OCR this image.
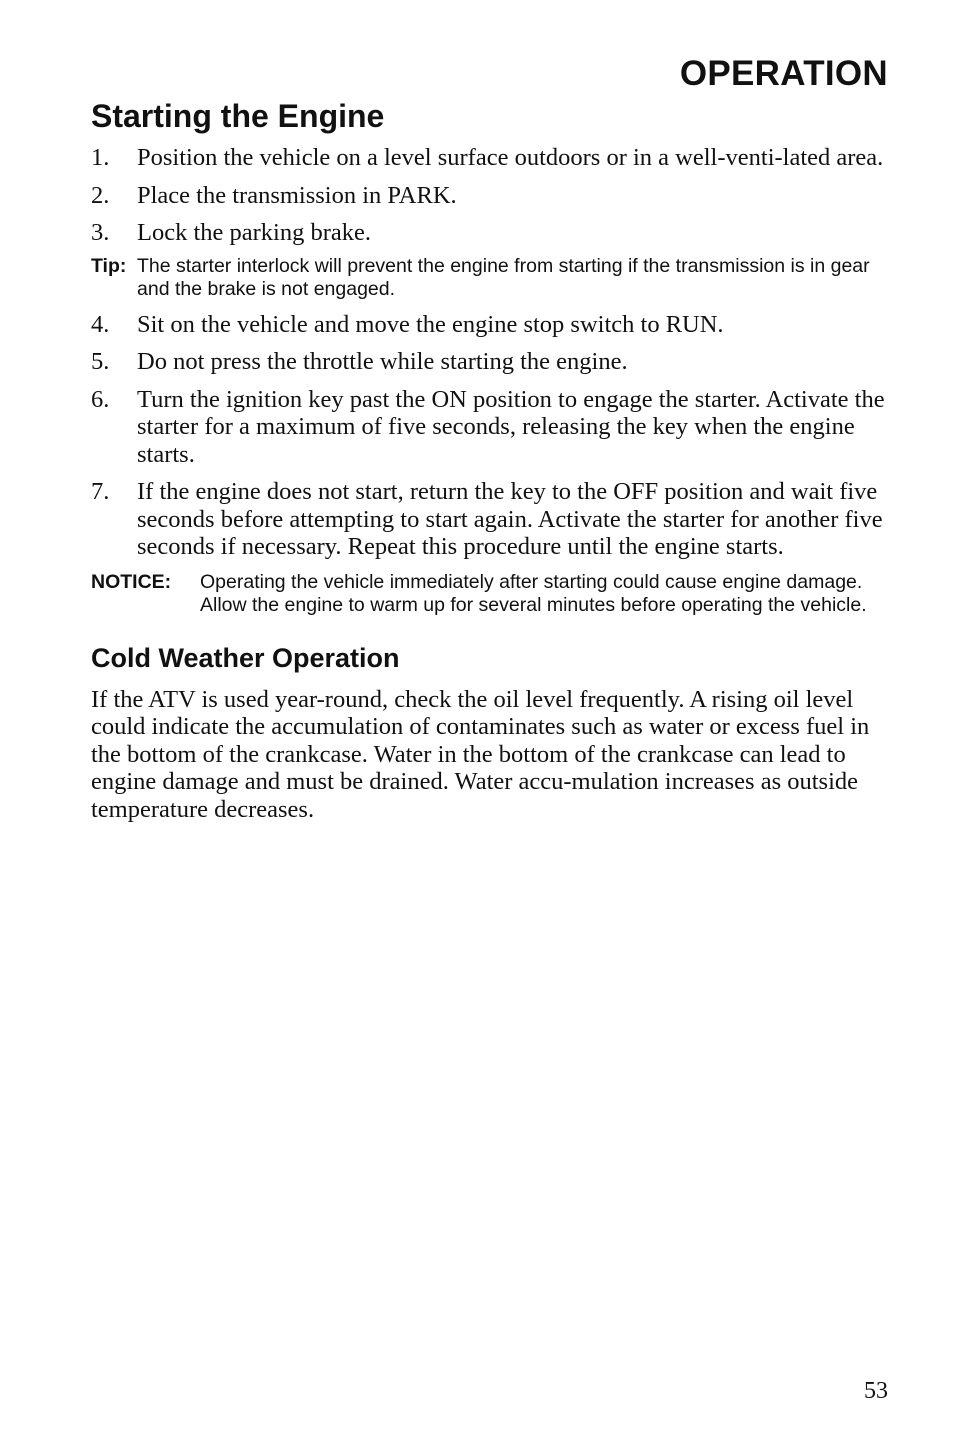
OPERATION
Starting the Engine
1. Position the vehicle on a level surface outdoors or in a well-venti-lated area.
2. Place the transmission in PARK.
3. Lock the parking brake.
Tip: The starter interlock will prevent the engine from starting if the transmission is in gear and the brake is not engaged.
4. Sit on the vehicle and move the engine stop switch to RUN.
5. Do not press the throttle while starting the engine.
6. Turn the ignition key past the ON position to engage the starter. Activate the starter for a maximum of five seconds, releasing the key when the engine starts.
7. If the engine does not start, return the key to the OFF position and wait five seconds before attempting to start again. Activate the starter for another five seconds if necessary. Repeat this procedure until the engine starts.
NOTICE: Operating the vehicle immediately after starting could cause engine damage. Allow the engine to warm up for several minutes before operating the vehicle.
Cold Weather Operation

If the ATV is used year-round, check the oil level frequently. A rising oil level could indicate the accumulation of contaminates such as water or excess fuel in the bottom of the crankcase. Water in the bottom of the crankcase can lead to engine damage and must be drained. Water accu-mulation increases as outside temperature decreases.

53
